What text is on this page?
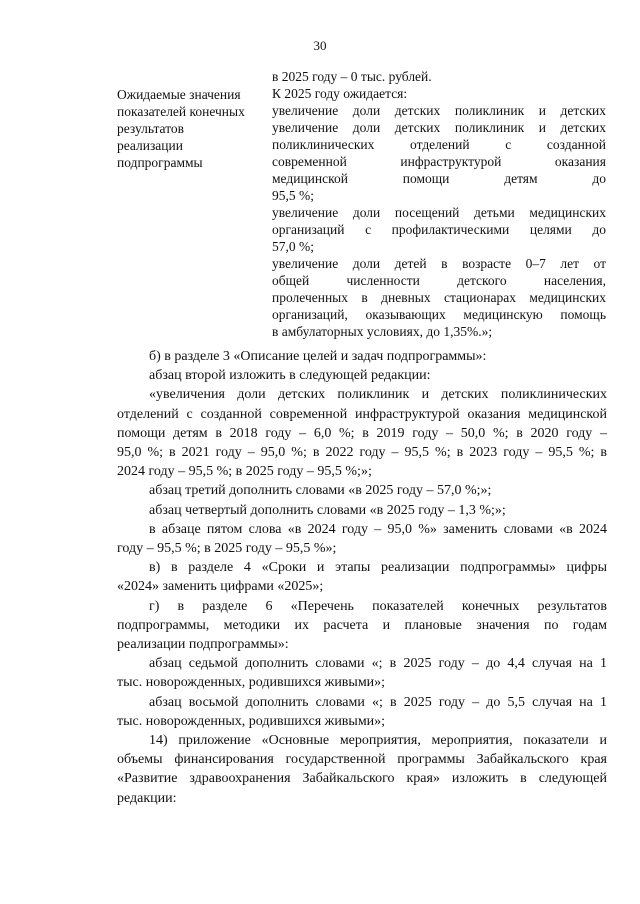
30
Ожидаемые значения
показателей конечных
результатов
реализации
подпрограммы
в 2025 году – 0 тыс. рублей.
К 2025 году ожидается:
увеличение доли детских поликлиник и детских
увеличение доли детских поликлиник и детских
поликлинических отделений с созданной
современной инфраструктурой оказания
медицинской помощи детям до
95,5 %;
увеличение доли посещений детьми медицинских
организаций с профилактическими целями до
57,0 %;
увеличение доли детей в возрасте 0–7 лет от
общей численности детского населения,
пролеченных в дневных стационарах медицинских
организаций, оказывающих медицинскую помощь
в амбулаторных условиях, до 1,35%.»;
б) в разделе 3 «Описание целей и задач подпрограммы»:
абзац второй изложить в следующей редакции:
«увеличения доли детских поликлиник и детских поликлинических
отделений с созданной современной инфраструктурой оказания медицинской
помощи детям в 2018 году – 6,0 %; в 2019 году – 50,0 %; в 2020 году –
95,0 %; в 2021 году – 95,0 %; в 2022 году – 95,5 %; в 2023 году – 95,5 %; в
2024 году – 95,5 %; в 2025 году – 95,5 %;»;
абзац третий дополнить словами «в 2025 году – 57,0 %;»;
абзац четвертый дополнить словами «в 2025 году – 1,3 %;»;
в абзаце пятом слова «в 2024 году – 95,0 %» заменить словами «в 2024
году – 95,5 %; в 2025 году – 95,5 %»;
в) в разделе 4 «Сроки и этапы реализации подпрограммы» цифры
«2024» заменить цифрами «2025»;
г) в разделе 6 «Перечень показателей конечных результатов
подпрограммы, методики их расчета и плановые значения по годам
реализации подпрограммы»:
абзац седьмой дополнить словами «; в 2025 году – до 4,4 случая на 1
тыс. новорожденных, родившихся живыми»;
абзац восьмой дополнить словами «; в 2025 году – до 5,5 случая на 1
тыс. новорожденных, родившихся живыми»;
14) приложение «Основные мероприятия, мероприятия, показатели и
объемы финансирования государственной программы Забайкальского края
«Развитие здравоохранения Забайкальского края» изложить в следующей
редакции:
